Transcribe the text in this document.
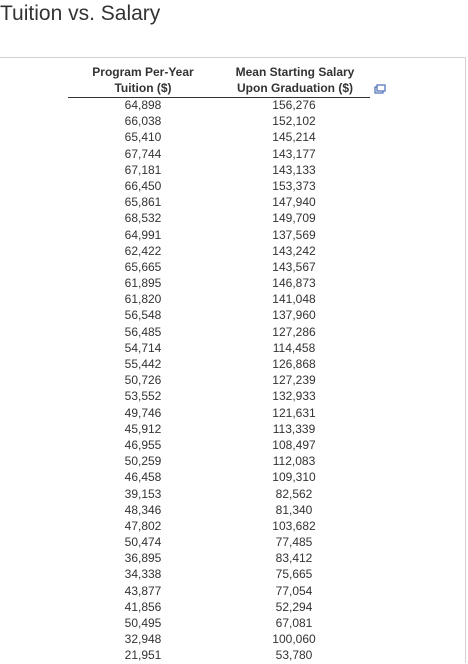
Tuition vs. Salary
Program Per-Year
Tuition ($)
Mean Starting Salary
Upon Graduation ($)
64,898	156,276
66,038	152,102
65,410	145,214
67,744	143,177
67,181	143,133
66,450	153,373
65,861	147,940
68,532	149,709
64,991	137,569
62,422	143,242
65,665	143,567
61,895	146,873
61,820	141,048
56,548	137,960
56,485	127,286
54,714	114,458
55,442	126,868
50,726	127,239
53,552	132,933
49,746	121,631
45,912	113,339
46,955	108,497
50,259	112,083
46,458	109,310
39,153	82,562
48,346	81,340
47,802	103,682
50,474	77,485
36,895	83,412
34,338	75,665
43,877	77,054
41,856	52,294
50,495	67,081
32,948	100,060
21,951	53,780
